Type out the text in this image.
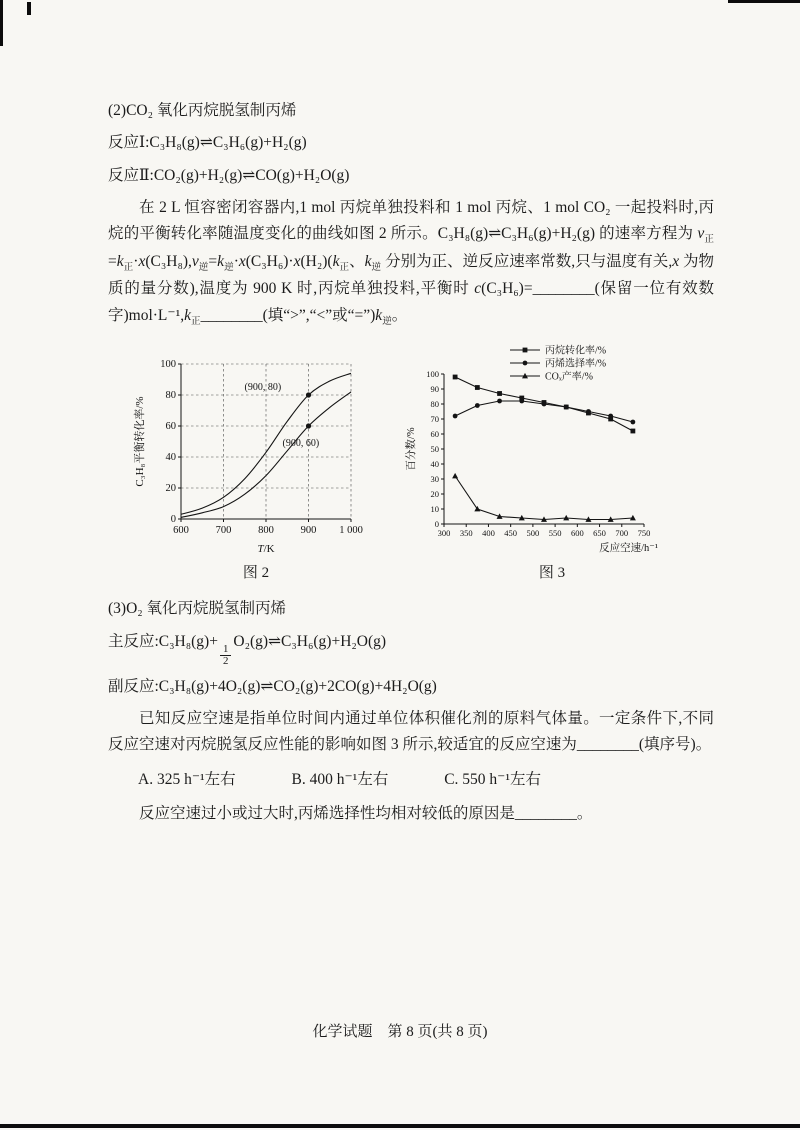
(2)CO₂ 氧化丙烷脱氢制丙烯

反应Ⅰ:C₃H₈(g)⇌C₃H₆(g)+H₂(g)

反应Ⅱ:CO₂(g)+H₂(g)⇌CO(g)+H₂O(g)

在 2 L 恒容密闭容器内,1 mol 丙烷单独投料和 1 mol 丙烷、1 mol CO₂ 一起投料时,丙烷的平衡转化率随温度变化的曲线如图 2 所示。C₃H₈(g)⇌C₃H₆(g)+H₂(g) 的速率方程为 $v_正=k_正\cdot x(C_3H_8),v_逆=k_逆\cdot x(C_3H_6)\cdot x(H_2)(k_正$、$k_逆$ 分别为正、逆反应速率常数,只与温度有关,x 为物质的量分数),温度为 900 K 时,丙烷单独投料,平衡时 c(C₃H₆)=________(保留一位有效数字)$mol\cdot L^{-1},k_正\_\_\_\_\_\_\_\_$(填“>”,“<”或“$=”)k_逆$。

0
20
40
60
80
100
600	700	800	900 1 000
(900, 80)
(900, 60)
T/K
C₃H₈平衡转化率/%
图 2
0
10
20
30
40
50
60
70
80
90
100
300 350 400 450 500 550 600 650 700 750
反应空速/h⁻¹
百分数/%
丙烷转化率/%
丙烯选择率/%
COₓ产率/%
图 3

(3)O₂ 氧化丙烷脱氢制丙烯

主反应:C₃H₈(g)+
$\frac{1}{2}$
O₂(g)⇌C₃H₆(g)+H₂O(g)

副反应:C₃H₈(g)+4O₂(g)⇌CO₂(g)+2CO(g)+4H₂O(g)

已知反应空速是指单位时间内通过单位体积催化剂的原料气体量。一定条件下,不同反应空速对丙烷脱氢反应性能的影响如图 3 所示,较适宜的反应空速为________(填序号)。

A. 325 h⁻¹左右	B. 400 h⁻¹左右	C. 550 h⁻¹左右

反应空速过小或过大时,丙烯选择性均相对较低的原因是________。

化学试题　第 8 页(共 8 页)
